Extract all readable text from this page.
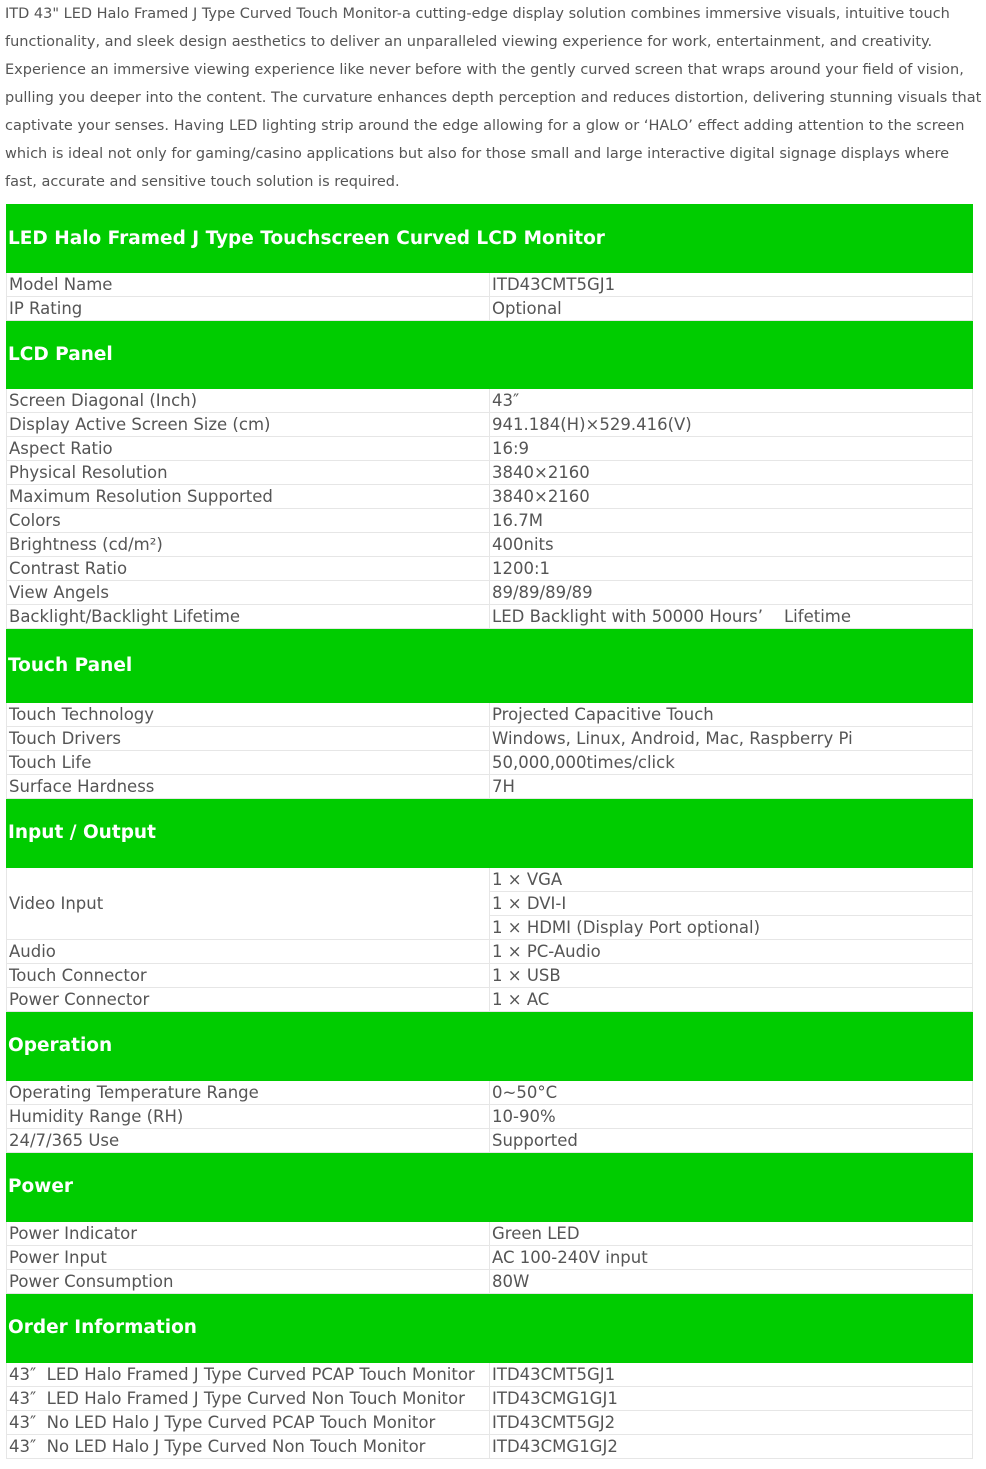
ITD 43" LED Halo Framed J Type Curved Touch Monitor-a cutting-edge display solution combines immersive visuals, intuitive touch functionality, and sleek design aesthetics to deliver an unparalleled viewing experience for work, entertainment, and creativity. Experience an immersive viewing experience like never before with the gently curved screen that wraps around your field of vision, pulling you deeper into the content. The curvature enhances depth perception and reduces distortion, delivering stunning visuals that captivate your senses. Having LED lighting strip around the edge allowing for a glow or ‘HALO’ effect adding attention to the screen which is ideal not only for gaming/casino applications but also for those small and large interactive digital signage displays where fast, accurate and sensitive touch solution is required.

LED Halo Framed J Type Touchscreen Curved LCD Monitor	
Model Name	ITD43CMT5GJ1
IP Rating	Optional
LCD Panel	
Screen Diagonal (Inch)	43″
Display Active Screen Size (cm)	941.184(H)×529.416(V)
Aspect Ratio	16:9
Physical Resolution	3840×2160
Maximum Resolution Supported	3840×2160
Colors	16.7M
Brightness (cd/m²)	400nits
Contrast Ratio	1200:1
View Angels	89/89/89/89
Backlight/Backlight Lifetime	LED Backlight with 50000 Hours’    Lifetime
Touch Panel	
Touch Technology	Projected Capacitive Touch
Touch Drivers	Windows, Linux, Android, Mac, Raspberry Pi
Touch Life	50,000,000times/click
Surface Hardness	7H
Input / Output	
Video Input	1 × VGA
	1 × DVI-I
	1 × HDMI (Display Port optional)
Audio	1 × PC-Audio
Touch Connector	1 × USB
Power Connector	1 × AC
Operation	
Operating Temperature Range	0~50°C
Humidity Range (RH)	10-90%
24/7/365 Use	Supported
Power	
Power Indicator	Green LED
Power Input	AC 100-240V input
Power Consumption	80W
Order Information	
43″  LED Halo Framed J Type Curved PCAP Touch Monitor	ITD43CMT5GJ1
43″  LED Halo Framed J Type Curved Non Touch Monitor	ITD43CMG1GJ1
43″  No LED Halo J Type Curved PCAP Touch Monitor	ITD43CMT5GJ2
43″  No LED Halo J Type Curved Non Touch Monitor	ITD43CMG1GJ2
